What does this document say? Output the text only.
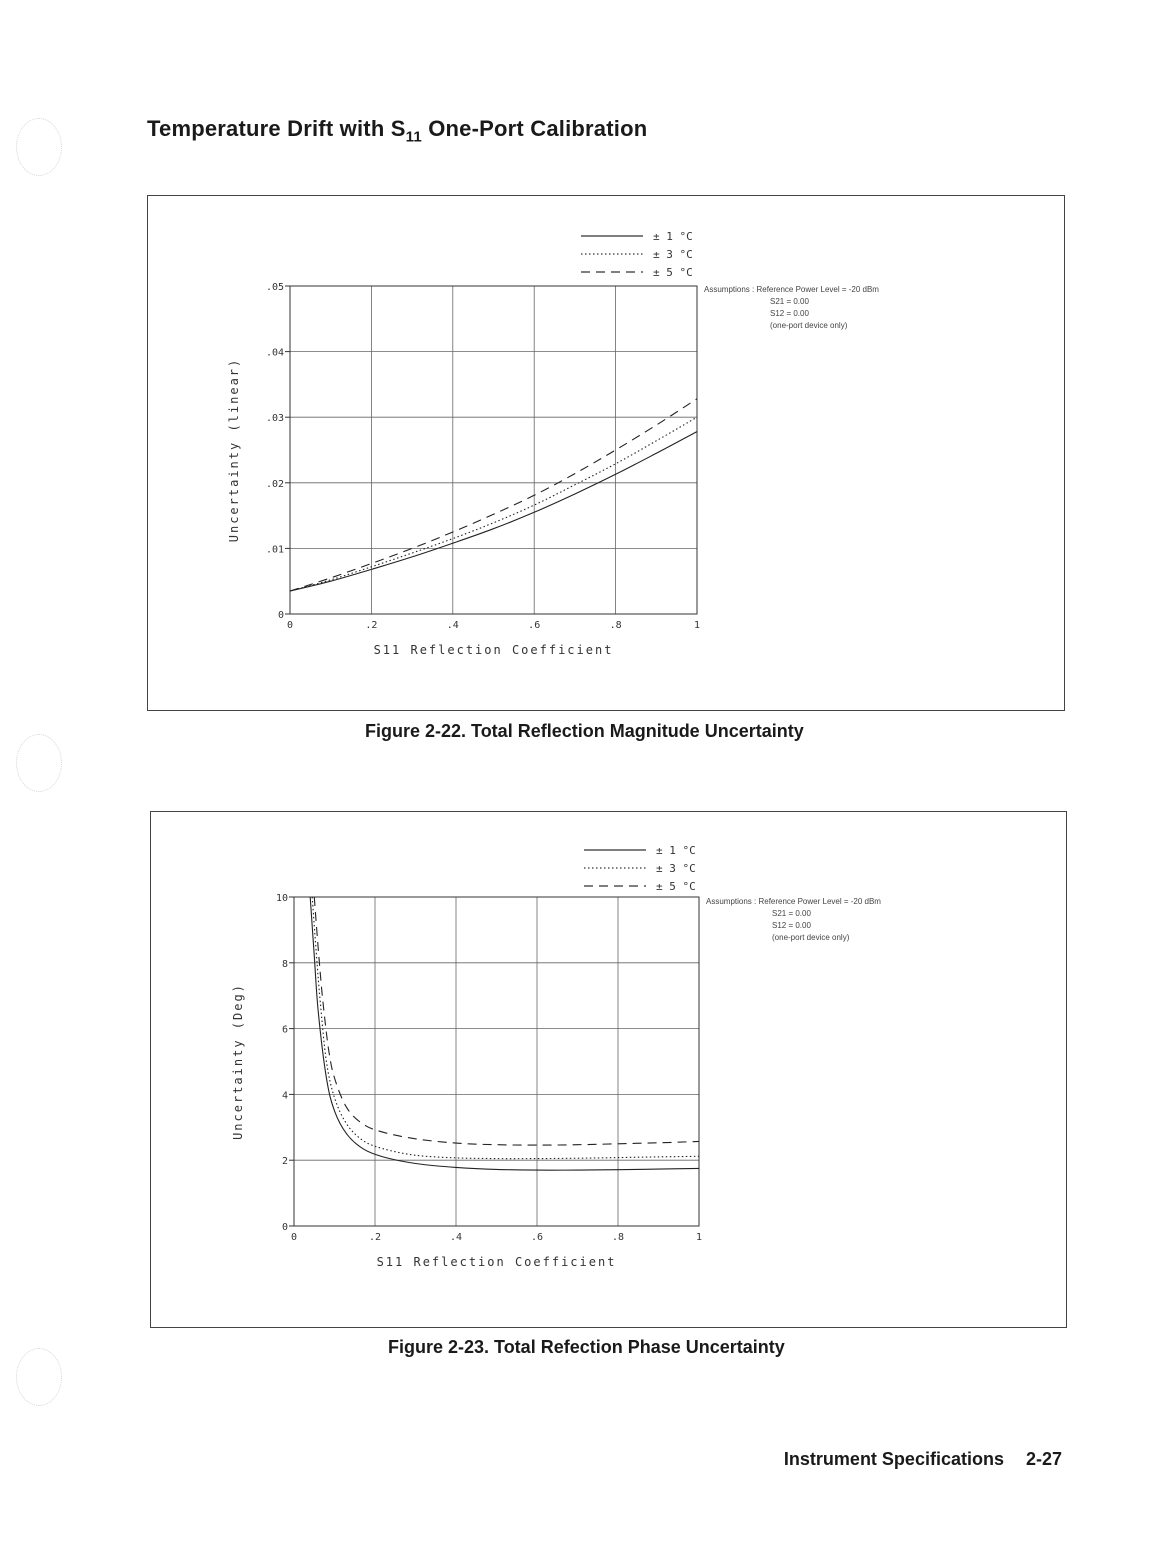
Temperature Drift with $S_{11}$ One-Port Calibration
± 1 °C
± 3 °C
± 5 °C
0	.2	.4	.6	.8	1
0
.01
.02
.03
.04
.05
S11 Reflection Coefficient
Uncertainty (linear)
Assumptions : Reference Power Level = -20 dBm
S21 = 0.00
S12 = 0.00
(one-port device only)

Figure 2-22. Total Reflection Magnitude Uncertainty

± 1 °C
± 3 °C
± 5 °C
0	.2	.4	.6	.8	1
0
2
4
6
8
10
S11 Reflection Coefficient
Uncertainty (Deg)
Assumptions : Reference Power Level = -20 dBm
S21 = 0.00
S12 = 0.00
(one-port device only)

Figure 2-23. Total Refection Phase Uncertainty

Instrument Specifications 2-27
